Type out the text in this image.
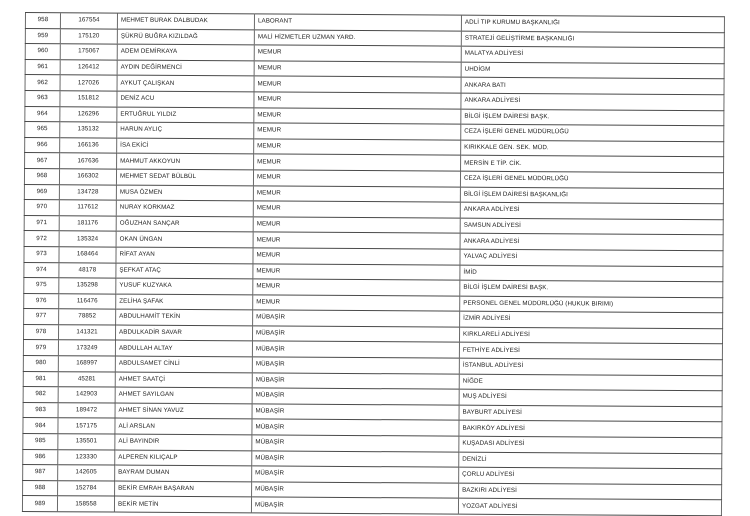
958	167554	MEHMET BURAK DALBUDAK	LABORANT	ADLİ TIP KURUMU BAŞKANLIĞI
959	175120	ŞÜKRÜ BUĞRA KIZILDAĞ	MALİ HİZMETLER UZMAN YARD.	STRATEJİ GELİŞTİRME BAŞKANLIĞI
960	175067	ADEM DEMİRKAYA	MEMUR	MALATYA ADLİYESİ
961	126412	AYDIN DEĞİRMENCİ	MEMUR	UHDİGM
962	127026	AYKUT ÇALIŞKAN	MEMUR	ANKARA BATI
963	151812	DENİZ ACU	MEMUR	ANKARA ADLİYESİ
964	126296	ERTUĞRUL YILDIZ	MEMUR	BİLGİ İŞLEM DAİRESİ BAŞK.
965	135132	HARUN AYLIÇ	MEMUR	CEZA İŞLERİ GENEL MÜDÜRLÜĞÜ
966	166136	İSA EKİCİ	MEMUR	KIRIKKALE GEN. SEK. MÜD.
967	167636	MAHMUT AKKOYUN	MEMUR	MERSİN E TİP. CİK.
968	166302	MEHMET SEDAT BÜLBÜL	MEMUR	CEZA İŞLERİ GENEL MÜDÜRLÜĞÜ
969	134728	MUSA ÖZMEN	MEMUR	BİLGİ İŞLEM DAİRESİ BAŞKANLIĞI
970	117612	NURAY KORKMAZ	MEMUR	ANKARA ADLİYESİ
971	181176	OĞUZHAN SANÇAR	MEMUR	SAMSUN ADLİYESİ
972	135324	OKAN ÜNGAN	MEMUR	ANKARA ADLİYESİ
973	168464	RİFAT AYAN	MEMUR	YALVAÇ ADLİYESİ
974	48178	ŞEFKAT ATAÇ	MEMUR	İMİD
975	135298	YUSUF KUZYAKA	MEMUR	BİLGİ İŞLEM DAİRESİ BAŞK.
976	116476	ZELİHA ŞAFAK	MEMUR	PERSONEL GENEL MÜDÜRLÜĞÜ (HUKUK BIRIMI)
977	78852	ABDULHAMİT TEKİN	MÜBAŞİR	İZMİR ADLİYESİ
978	141321	ABDULKADİR SAVAR	MÜBAŞİR	KIRKLARELİ ADLİYESİ
979	173249	ABDULLAH ALTAY	MÜBAŞİR	FETHİYE ADLİYESİ
980	168997	ABDULSAMET CİNLİ	MÜBAŞİR	İSTANBUL ADLİYESİ
981	45281	AHMET SAATÇİ	MÜBAŞİR	NİĞDE
982	142903	AHMET SAYILGAN	MÜBAŞİR	MUŞ ADLİYESİ
983	189472	AHMET SİNAN YAVUZ	MÜBAŞİR	BAYBURT ADLİYESİ
984	157175	ALİ ARSLAN	MÜBAŞİR	BAKIRKÖY ADLİYESİ
985	135501	ALİ BAYINDIR	MÜBAŞİR	KUŞADASI ADLİYESİ
986	123330	ALPEREN KILIÇALP	MÜBAŞİR	DENİZLİ
987	142605	BAYRAM DUMAN	MÜBAŞİR	ÇORLU ADLİYESİ
988	152784	BEKİR EMRAH BAŞARAN	MÜBAŞİR	BAZKIRI ADLİYESİ
989	158558	BEKİR METİN	MÜBAŞİR	YOZGAT ADLİYESİ
